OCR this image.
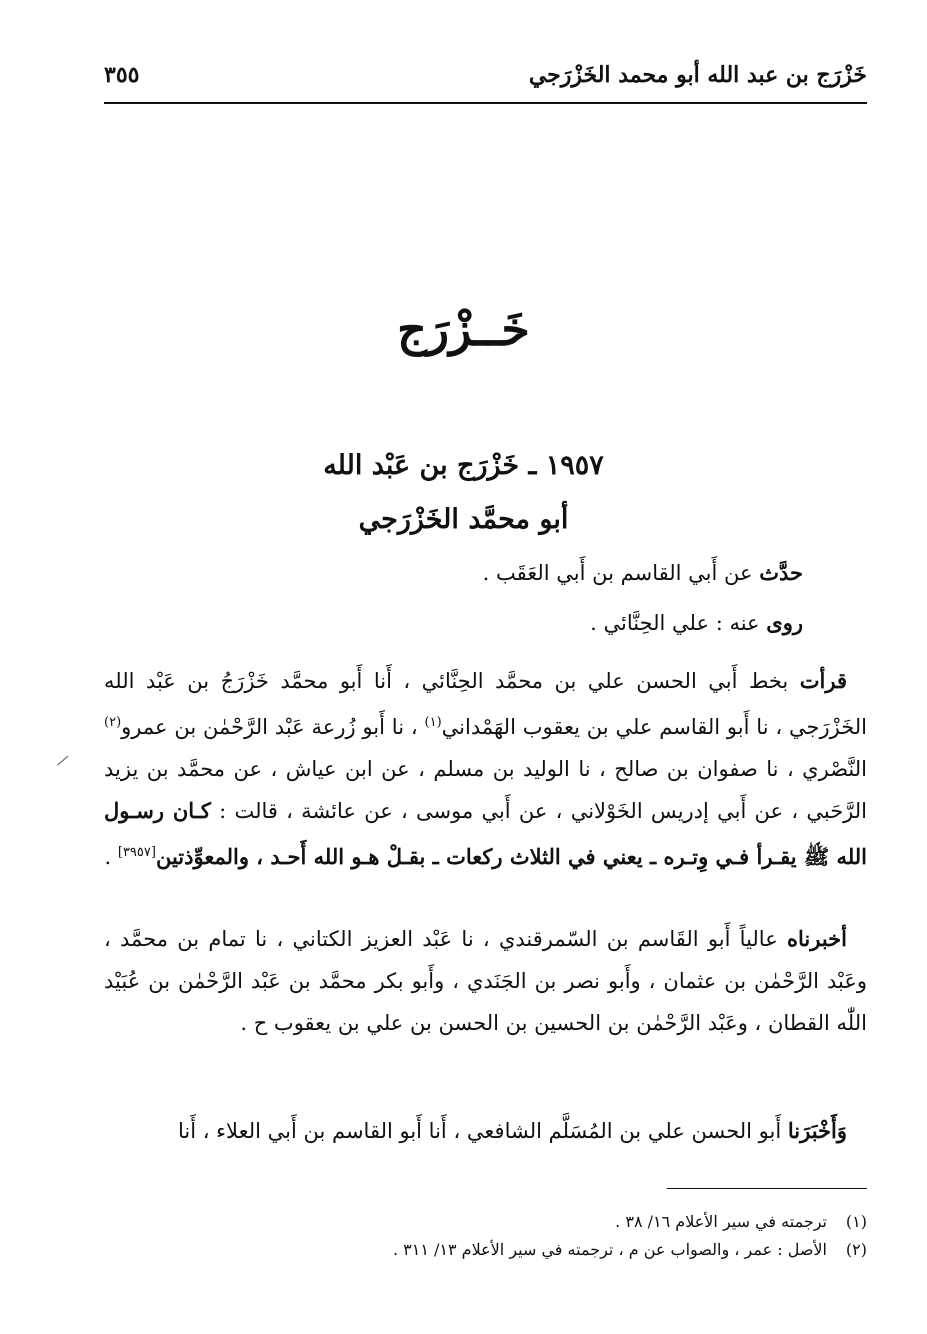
خَزْرَج بن عبد الله أبو محمد الخَزْرَجي
٣٥٥
خَــزْرَج
١٩٥٧ ـ خَزْرَج بن عَبْد الله
أبو محمَّد الخَزْرَجي
حدَّث عن أَبي القاسم بن أَبي العَقَب .
روى عنه : علي الحِنَّائي .
قرأت بخط أَبي الحسن علي بن محمَّد الحِنَّائي ، أَنا أَبو محمَّد خَزْرَجُ بن عَبْد الله الخَزْرَجي ، نا أَبو القاسم علي بن يعقوب الهَمْداني$^{(١)}$ ، نا أَبو زُرعة عَبْد الرَّحْمٰن بن عمرو$^{(٢)}$ النَّصْري ، نا صفوان بن صالح ، نا الوليد بن مسلم ، عن ابن عياش ، عن محمَّد بن يزيد الرَّحَبي ، عن أَبي إدريس الخَوْلاني ، عن أَبي موسى ، عن عائشة ، قالت : كـان رسـول الله ﷺ يقـرأ فـي وِتـره ـ يعني في الثلاث ركعات ـ بقـلْ هـو الله أَحـد ، والمعوِّذتين[٣٩٥٧] .
أخبرناه عالياً أَبو القَاسم بن السّمرقندي ، نا عَبْد العزيز الكتاني ، نا تمام بن محمَّد ، وعَبْد الرَّحْمٰن بن عثمان ، وأَبو نصر بن الجَنَدي ، وأَبو بكر محمَّد بن عَبْد الرَّحْمٰن بن عُبَيْد اللّٰه القطان ، وعَبْد الرَّحْمٰن بن الحسين بن الحسن بن علي بن يعقوب ح .
وَأَخْبَرَنا أَبو الحسن علي بن المُسَلَّم الشافعي ، أَنا أَبو القاسم بن أَبي العلاء ، أَنا
(١)ترجمته في سير الأعلام ١٦/ ٣٨ .
(٢)الأصل : عمر ، والصواب عن م ، ترجمته في سير الأعلام ١٣/ ٣١١ .
